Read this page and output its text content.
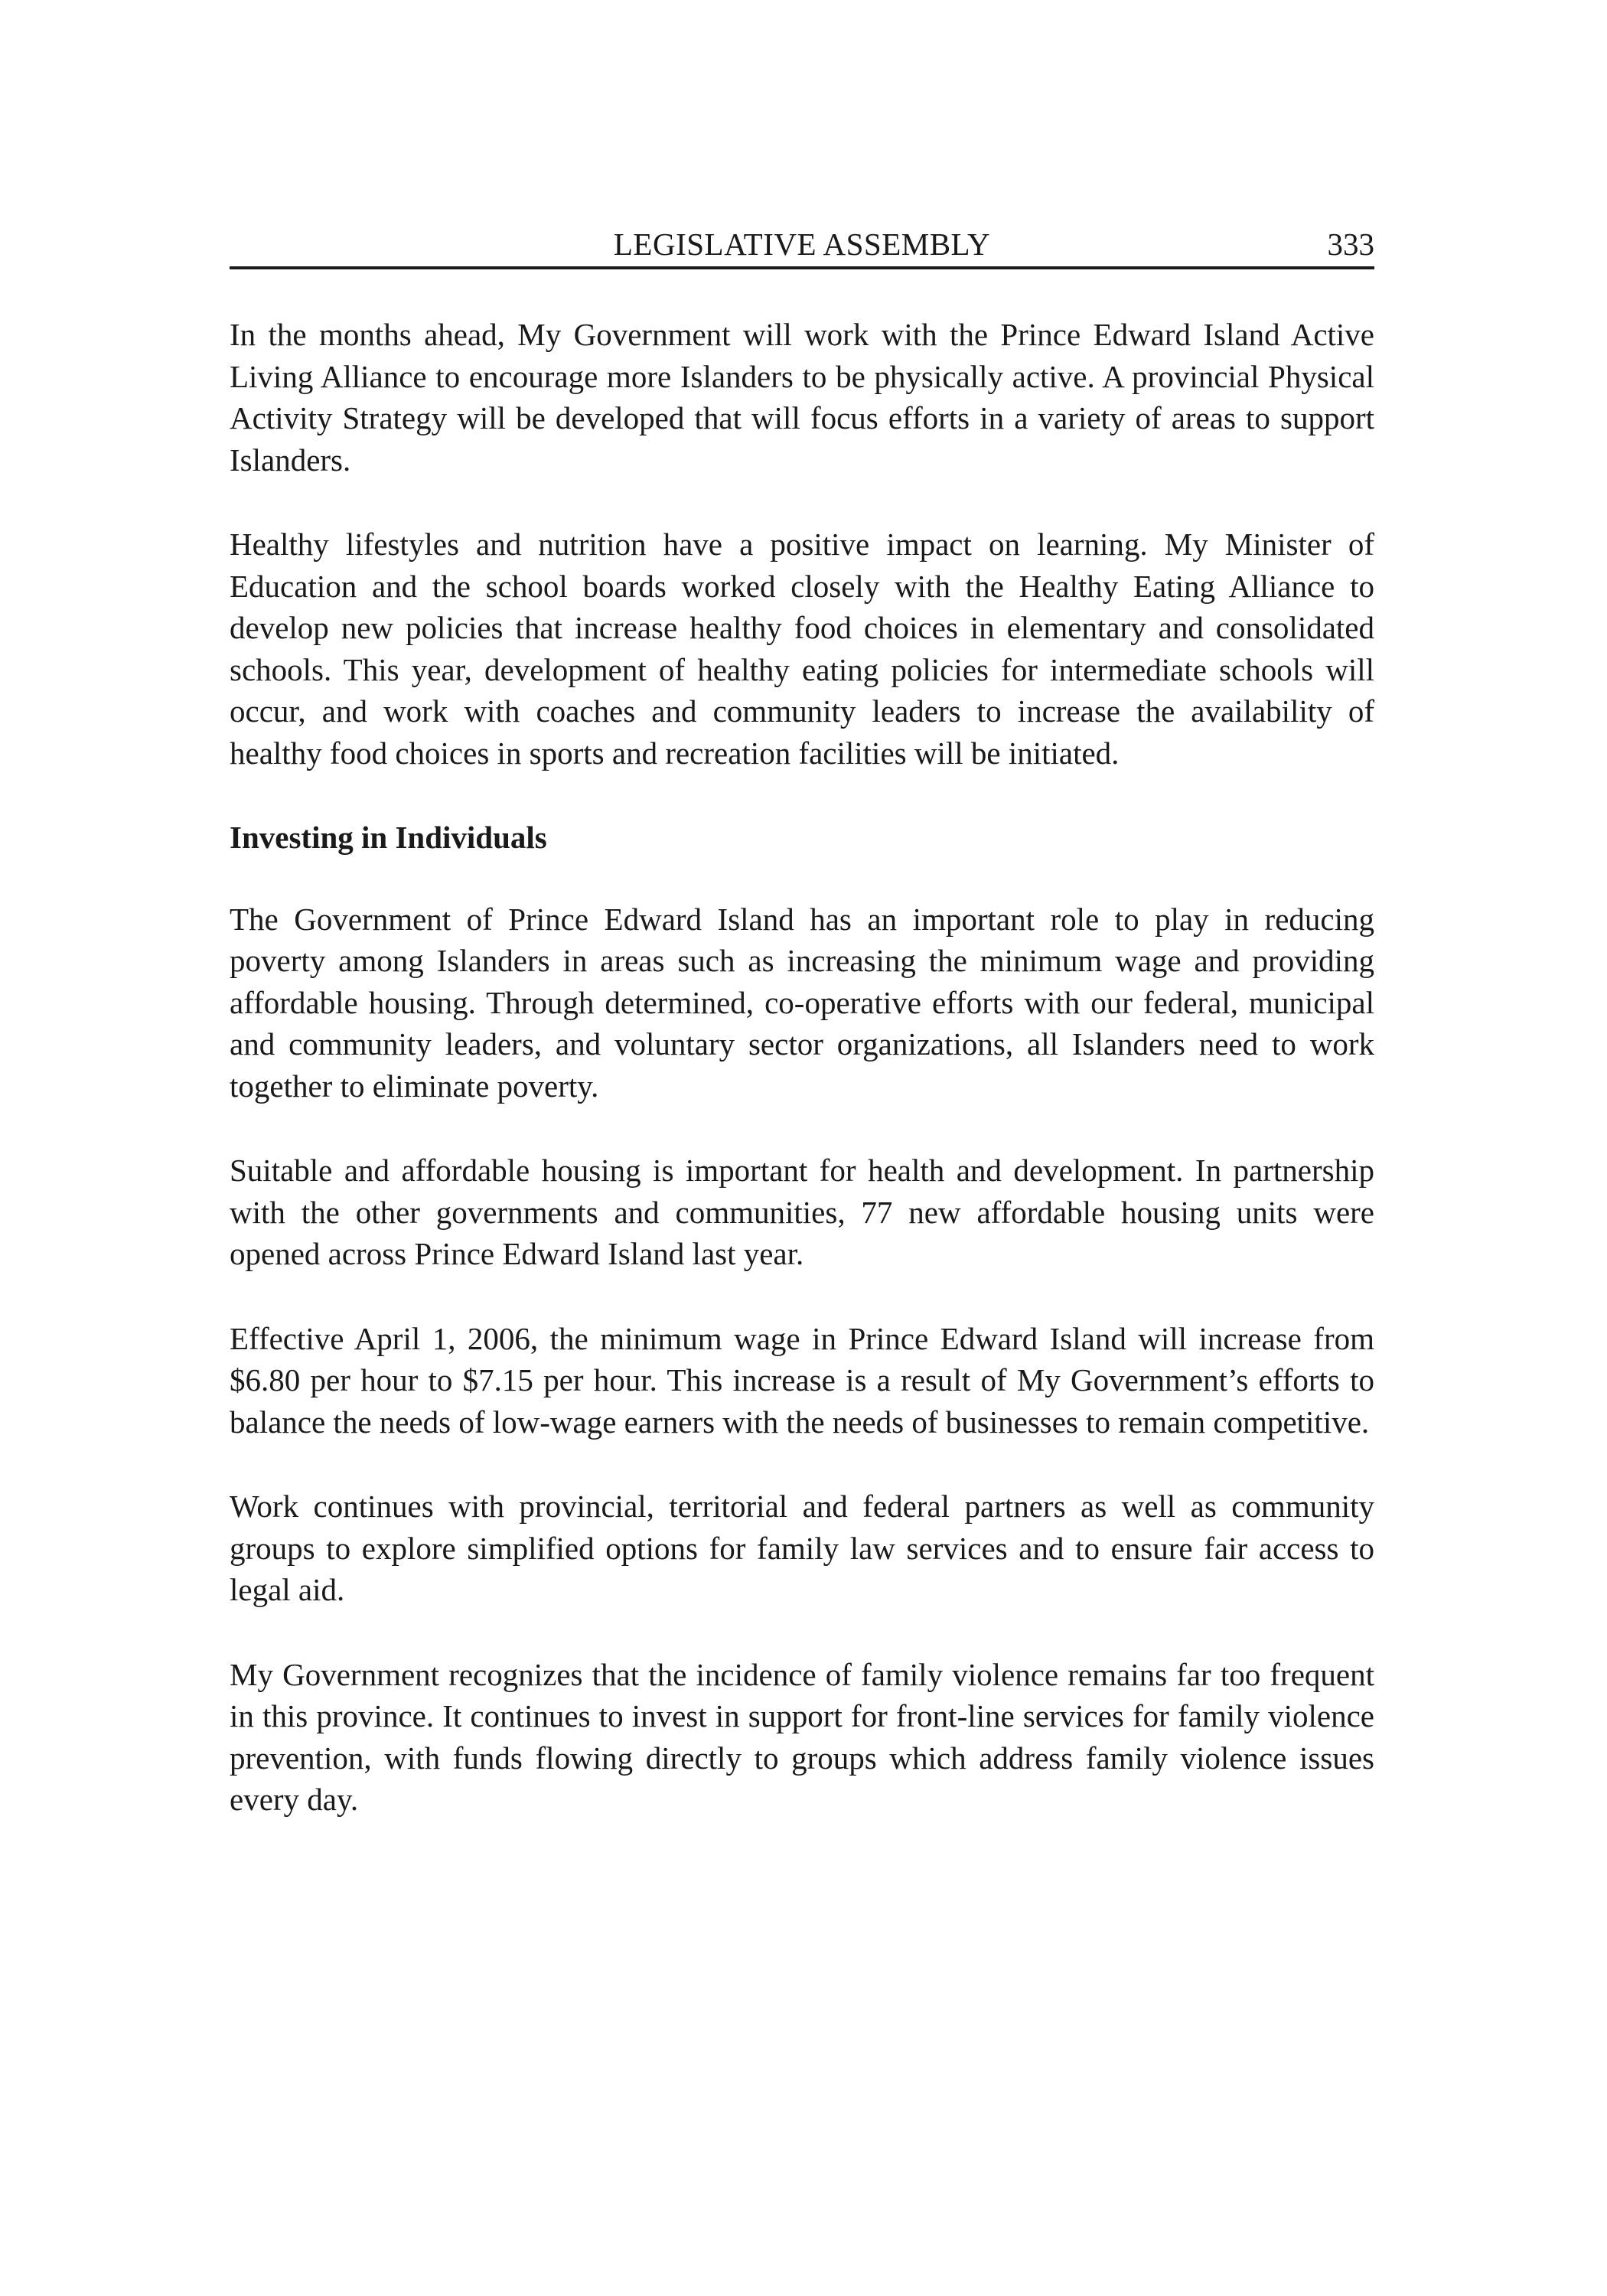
LEGISLATIVE ASSEMBLY	333

In the months ahead, My Government will work with the Prince Edward Island Active Living Alliance to encourage more Islanders to be physically active. A provincial Physical Activity Strategy will be developed that will focus efforts in a variety of areas to support Islanders.

Healthy lifestyles and nutrition have a positive impact on learning. My Minister of Education and the school boards worked closely with the Healthy Eating Alliance to develop new policies that increase healthy food choices in elementary and consolidated schools. This year, development of healthy eating policies for intermediate schools will occur, and work with coaches and community leaders to increase the availability of healthy food choices in sports and recreation facilities will be initiated.

Investing in Individuals

The Government of Prince Edward Island has an important role to play in reducing poverty among Islanders in areas such as increasing the minimum wage and providing affordable housing. Through determined, co-operative efforts with our federal, municipal and community leaders, and voluntary sector organizations, all Islanders need to work together to eliminate poverty.

Suitable and affordable housing is important for health and development. In partnership with the other governments and communities, 77 new affordable housing units were opened across Prince Edward Island last year.

Effective April 1, 2006, the minimum wage in Prince Edward Island will increase from $6.80 per hour to $7.15 per hour. This increase is a result of My Government’s efforts to balance the needs of low-wage earners with the needs of businesses to remain competitive.

Work continues with provincial, territorial and federal partners as well as community groups to explore simplified options for family law services and to ensure fair access to legal aid.

My Government recognizes that the incidence of family violence remains far too frequent in this province. It continues to invest in support for front-line services for family violence prevention, with funds flowing directly to groups which address family violence issues every day.
